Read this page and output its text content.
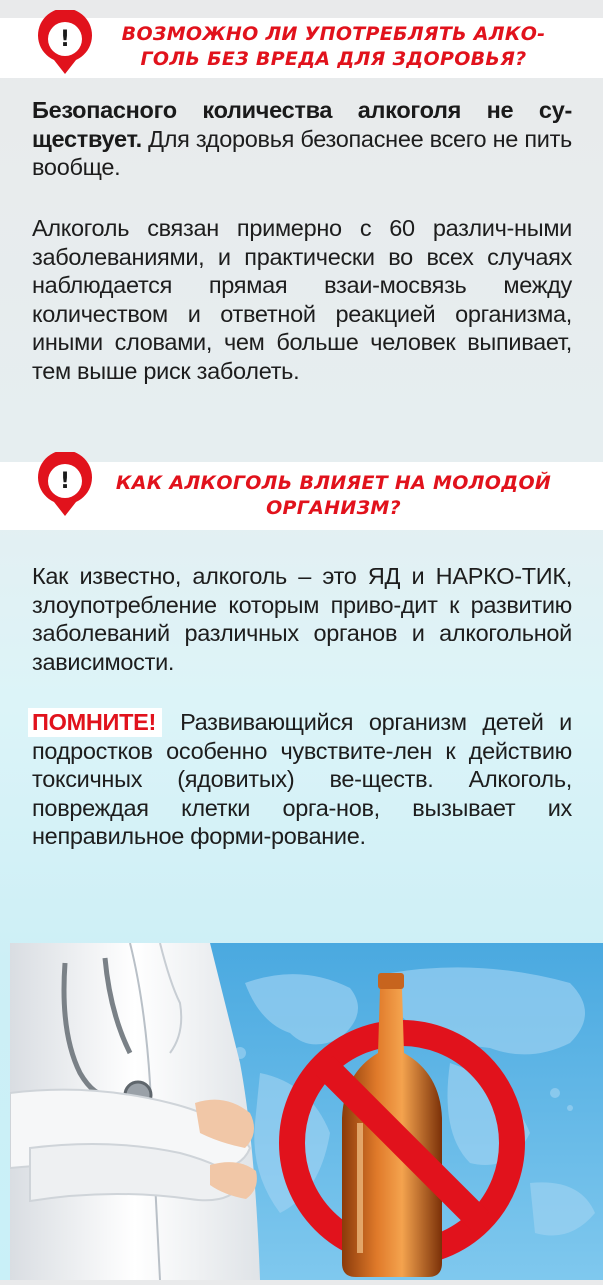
ВОЗМОЖНО ЛИ УПОТРЕБЛЯТЬ АЛКО-
ГОЛЬ БЕЗ ВРЕДА ДЛЯ ЗДОРОВЬЯ?
!

Безопасного количества алкоголя не су-ществует. Для здоровья безопаснее всего не пить вообще.

Алкоголь связан примерно с 60 различ-ными заболеваниями, и практически во всех случаях наблюдается прямая взаи-мосвязь между количеством и ответной реакцией организма, иными словами, чем больше человек выпивает, тем выше риск заболеть.

КАК АЛКОГОЛЬ ВЛИЯЕТ НА МОЛОДОЙ
ОРГАНИЗМ?
!

Как известно, алкоголь – это ЯД и НАРКО-ТИК, злоупотребление которым приво-дит к развитию заболеваний различных органов и алкогольной зависимости.

ПОМНИТЕ! Развивающийся организм детей и подростков особенно чувствите-лен к действию токсичных (ядовитых) ве-ществ. Алкоголь, повреждая клетки орга-нов, вызывает их неправильное форми-рование.
